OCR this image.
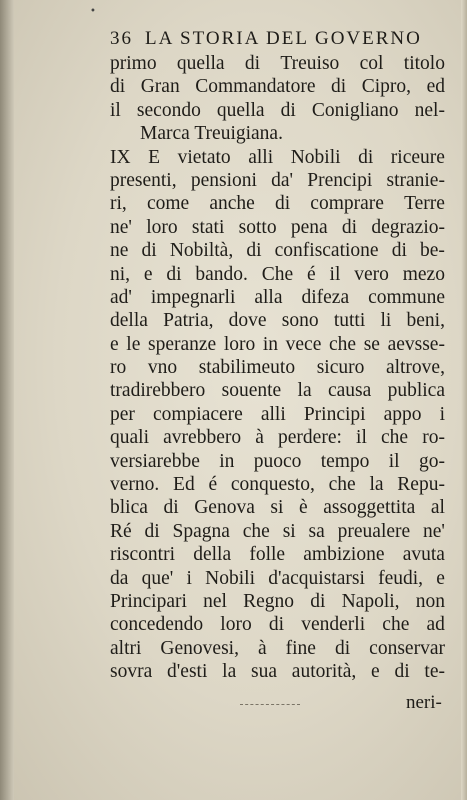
•
36 LA STORIA DEL GOVERNO
primo quella di Treuiso col titolo
di Gran Commandatore di Cipro, ed
il secondo quella di Conigliano nel-
Marca Treuigiana.
IX E vietato alli Nobili di riceure
presenti, pensioni da' Prencipi stranie-
ri, come anche di comprare Terre
ne' loro stati sotto pena di degrazio-
ne di Nobiltà, di confiscatione di be-
ni, e di bando. Che é il vero mezo
ad' impegnarli alla difeza commune
della Patria, dove sono tutti li beni,
e le speranze loro in vece che se aevsse-
ro vno stabilimeuto sicuro altrove,
tradirebbero souente la causa publica
per compiacere alli Principi appo i
quali avrebbero à perdere: il che ro-
versiarebbe in puoco tempo il go-
verno. Ed é conquesto, che la Repu-
blica di Genova si è assoggettita al
Ré di Spagna che si sa preualere ne'
riscontri della folle ambizione avuta
da que' i Nobili d'acquistarsi feudi, e
Principari nel Regno di Napoli, non
concedendo loro di venderli che ad
altri Genovesi, à fine di conservar
sovra d'esti la sua autorità, e di te-
neri-
